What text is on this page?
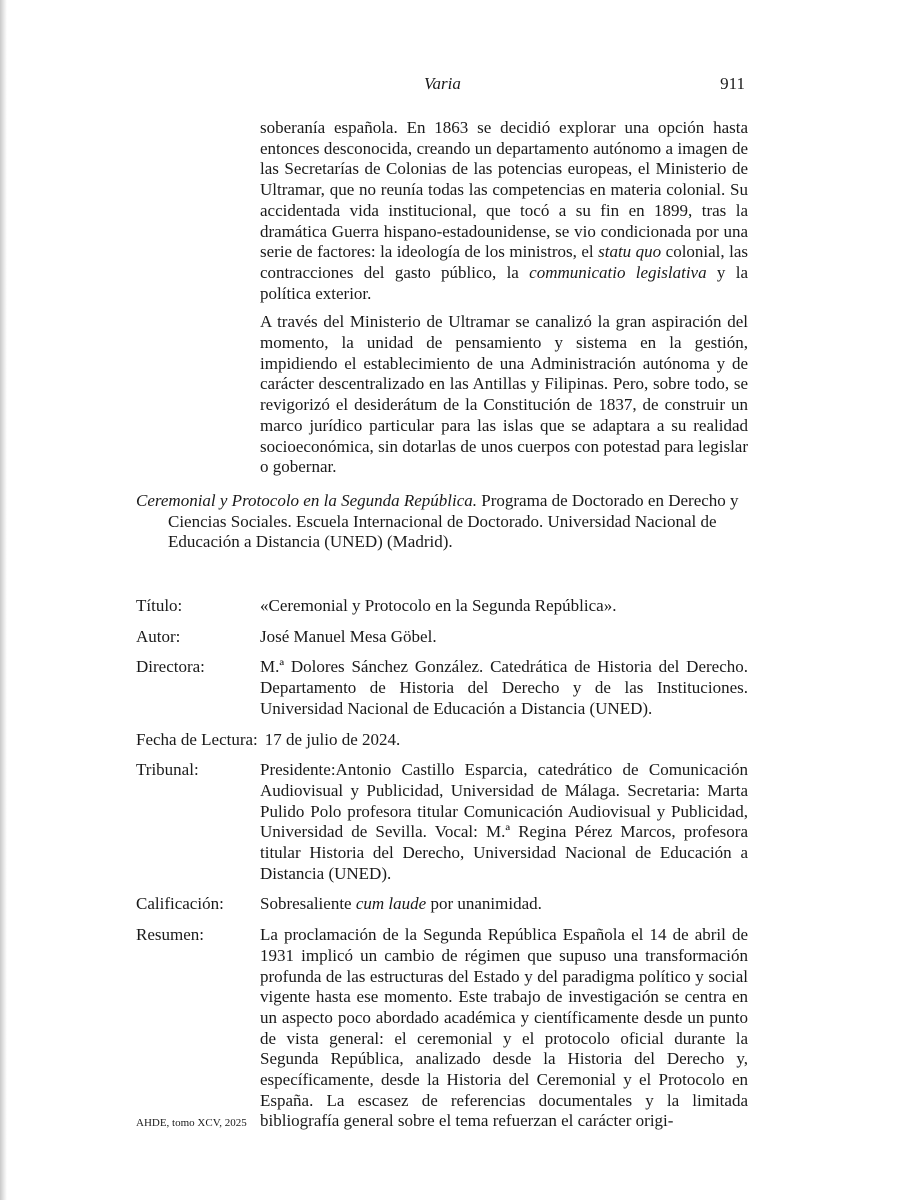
Varia	911

soberanía española. En 1863 se decidió explorar una opción hasta entonces desconocida, creando un departamento autónomo a imagen de las Secretarías de Colonias de las potencias europeas, el Ministerio de Ultramar, que no reunía todas las competencias en materia colonial. Su accidentada vida institucional, que tocó a su fin en 1899, tras la dramática Guerra hispano-estadounidense, se vio condicionada por una serie de factores: la ideología de los ministros, el statu quo colonial, las contracciones del gasto público, la communicatio legislativa y la política exterior.

A través del Ministerio de Ultramar se canalizó la gran aspiración del momento, la unidad de pensamiento y sistema en la gestión, impidiendo el establecimiento de una Administración autónoma y de carácter descentralizado en las Antillas y Filipinas. Pero, sobre todo, se revigorizó el desiderátum de la Constitución de 1837, de construir un marco jurídico particular para las islas que se adaptara a su realidad socioeconómica, sin dotarlas de unos cuerpos con potestad para legislar o gobernar.

Ceremonial y Protocolo en la Segunda República. Programa de Doctorado en Derecho y Ciencias Sociales. Escuela Internacional de Doctorado. Universidad Nacional de Educación a Distancia (UNED) (Madrid).
Título:	«Ceremonial y Protocolo en la Segunda República».
Autor:	José Manuel Mesa Göbel.
Directora:	M.ª Dolores Sánchez González. Catedrática de Historia del Derecho. Departamento de Historia del Derecho y de las Instituciones. Universidad Nacional de Educación a Distancia (UNED).
Fecha de Lectura: 17 de julio de 2024.
Tribunal:	Presidente:Antonio Castillo Esparcia, catedrático de Comunicación Audiovisual y Publicidad, Universidad de Málaga. Secretaria: Marta Pulido Polo profesora titular Comunicación Audiovisual y Publicidad, Universidad de Sevilla. Vocal: M.ª Regina Pérez Marcos, profesora titular Historia del Derecho, Universidad Nacional de Educación a Distancia (UNED).
Calificación: Sobresaliente cum laude por unanimidad.
Resumen:	La proclamación de la Segunda República Española el 14 de abril de 1931 implicó un cambio de régimen que supuso una transformación profunda de las estructuras del Estado y del paradigma político y social vigente hasta ese momento. Este trabajo de investigación se centra en un aspecto poco abordado académica y científicamente desde un punto de vista general: el ceremonial y el protocolo oficial durante la Segunda República, analizado desde la Historia del Derecho y, específicamente, desde la Historia del Ceremonial y el Protocolo en España. La escasez de referencias documentales y la limitada bibliografía general sobre el tema refuerzan el carácter origi-
AHDE, tomo XCV, 2025
